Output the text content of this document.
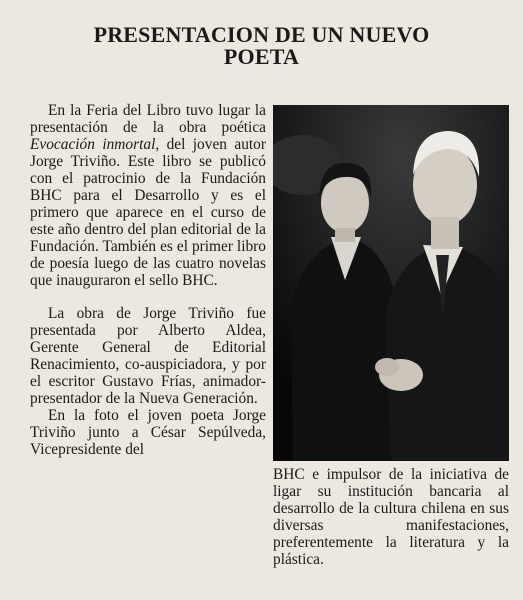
PRESENTACION DE UN NUEVO
POETA

En la Feria del Libro tuvo lugar la presentación de la obra poética Evocación inmortal, del joven autor Jorge Triviño. Este libro se publicó con el patrocinio de la Fundación BHC para el Desarrollo y es el primero que aparece en el curso de este año dentro del plan editorial de la Fundación. También es el primer libro de poesía luego de las cuatro novelas que inauguraron el sello BHC.

La obra de Jorge Triviño fue presentada por Alberto Aldea, Gerente General de Editorial Renacimiento, co-auspiciadora, y por el escritor Gustavo Frías, animador-presentador de la Nueva Generación.

En la foto el joven poeta Jorge Triviño junto a César Sepúlveda, Vicepresidente del

BHC e impulsor de la iniciativa de ligar su institución bancaria al desarrollo de la cultura chilena en sus diversas manifestaciones, preferentemente la literatura y la plástica.
